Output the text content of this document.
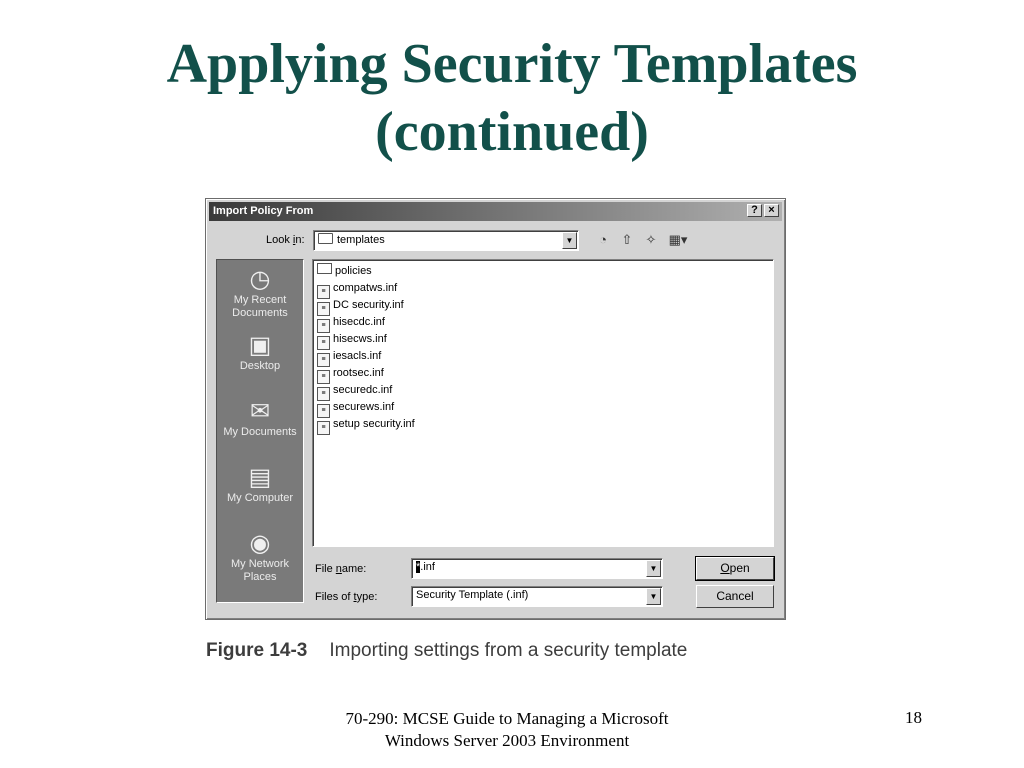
Applying Security Templates
(continued)
Import Policy From	? ×
Look in:	templates	▼	◔	⇧ ✧ ▦▾
◷
My Recent
Documents
▣
Desktop
✉
My Documents
▤
My Computer
◉
My Network
Places
policies
≡ compatws.inf
≡ DC security.inf
≡ hisecdc.inf
≡ hisecws.inf
≡ iesacls.inf
≡ rootsec.inf
≡ securedc.inf
≡ securews.inf
≡ setup security.inf
File name:	*.inf	▼
Files of type:	Security Template (.inf)	▼
Open
Cancel
Figure 14-3 Importing settings from a security template
70-290: MCSE Guide to Managing a Microsoft
Windows Server 2003 Environment
18
